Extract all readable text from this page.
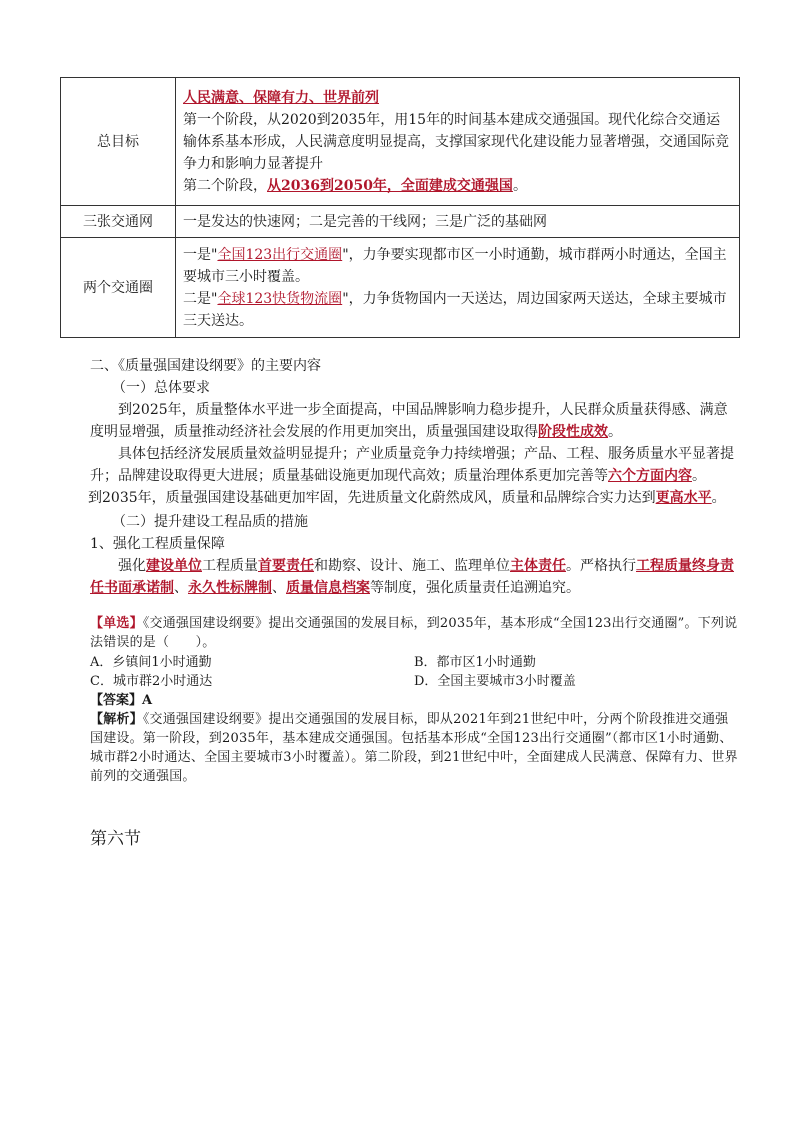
总目标	人民满意、保障有力、世界前列
第一个阶段，从2020到2035年，用15年的时间基本建成交通强国。现代化综合交通运输体系基本形成，人民满意度明显提高，支撑国家现代化建设能力显著增强，交通国际竞争力和影响力显著提升
第二个阶段，从2036到2050年，全面建成交通强国。

三张交通网	一是发达的快速网；二是完善的干线网；三是广泛的基础网
两个交通圈	一是"全国123出行交通圈"，力争要实现都市区一小时通勤，城市群两小时通达，全国主要城市三小时覆盖。
二是"全球123快货物流圈"，力争货物国内一天送达，周边国家两天送达，全球主要城市三天送达。
二、《质量强国建设纲要》的主要内容
（一）总体要求
到2025年，质量整体水平进一步全面提高，中国品牌影响力稳步提升，人民群众质量获得感、满意度明显增强，质量推动经济社会发展的作用更加突出，质量强国建设取得阶段性成效。
具体包括经济发展质量效益明显提升；产业质量竞争力持续增强；产品、工程、服务质量水平显著提升；品牌建设取得更大进展；质量基础设施更加现代高效；质量治理体系更加完善等六个方面内容。
到2035年，质量强国建设基础更加牢固，先进质量文化蔚然成风，质量和品牌综合实力达到更高水平。
（二）提升建设工程品质的措施
1、强化工程质量保障
强化建设单位工程质量首要责任和勘察、设计、施工、监理单位主体责任。严格执行工程质量终身责任书面承诺制、永久性标牌制、质量信息档案等制度，强化质量责任追溯追究。
【单选】《交通强国建设纲要》提出交通强国的发展目标，到2035年，基本形成“全国123出行交通圈”。下列说法错误的是（　　）。
A．乡镇间1小时通勤	B．都市区1小时通勤
C．城市群2小时通达	D．全国主要城市3小时覆盖
【答案】A
【解析】《交通强国建设纲要》提出交通强国的发展目标，即从2021年到21世纪中叶，分两个阶段推进交通强国建设。第一阶段，到2035年，基本建成交通强国。包括基本形成“全国123出行交通圈”（都市区1小时通勤、城市群2小时通达、全国主要城市3小时覆盖）。第二阶段，到21世纪中叶，全面建成人民满意、保障有力、世界前列的交通强国。
第六节
